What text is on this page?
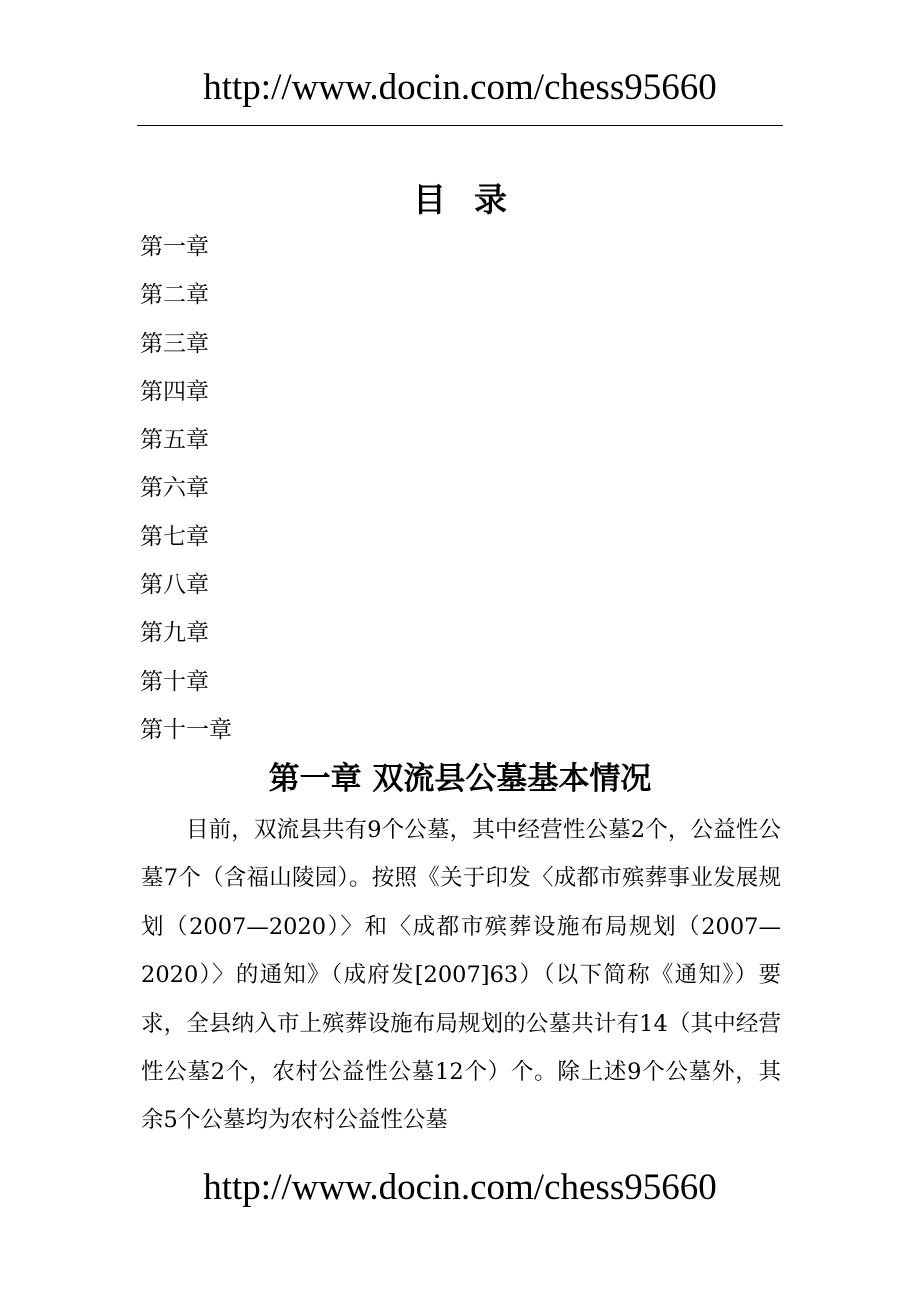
http://www.docin.com/chess95660
目录
第一章
第二章
第三章
第四章
第五章
第六章
第七章
第八章
第九章
第十章
第十一章
第一章 双流县公墓基本情况

目前，双流县共有9个公墓，其中经营性公墓2个，公益性公墓7个（含福山陵园）。按照《关于印发〈成都市殡葬事业发展规划（2007—2020）〉和〈成都市殡葬设施布局规划（2007—2020）〉的通知》（成府发[2007]63）（以下简称《通知》）要求，全县纳入市上殡葬设施布局规划的公墓共计有14（其中经营性公墓2个，农村公益性公墓12个）个。除上述9个公墓外，其余5个公墓均为农村公益性公墓

http://www.docin.com/chess95660
